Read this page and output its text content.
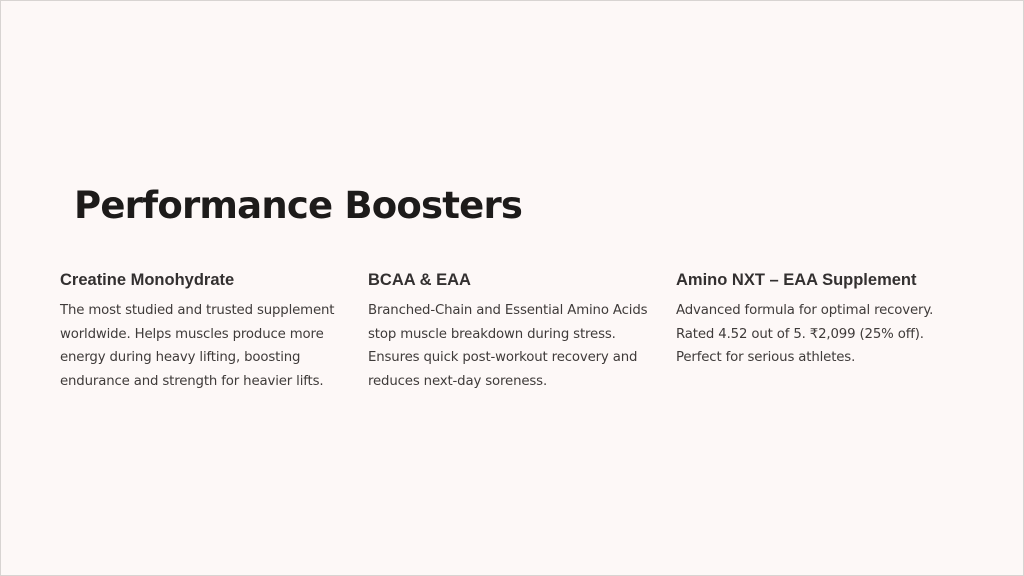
Performance Boosters
Creatine Monohydrate

The most studied and trusted supplement worldwide. Helps muscles produce more energy during heavy lifting, boosting endurance and strength for heavier lifts.

BCAA & EAA

Branched-Chain and Essential Amino Acids stop muscle breakdown during stress. Ensures quick post-workout recovery and reduces next-day soreness.

Amino NXT – EAA Supplement

Advanced formula for optimal recovery. Rated 4.52 out of 5. ₹2,099 (25% off). Perfect for serious athletes.
